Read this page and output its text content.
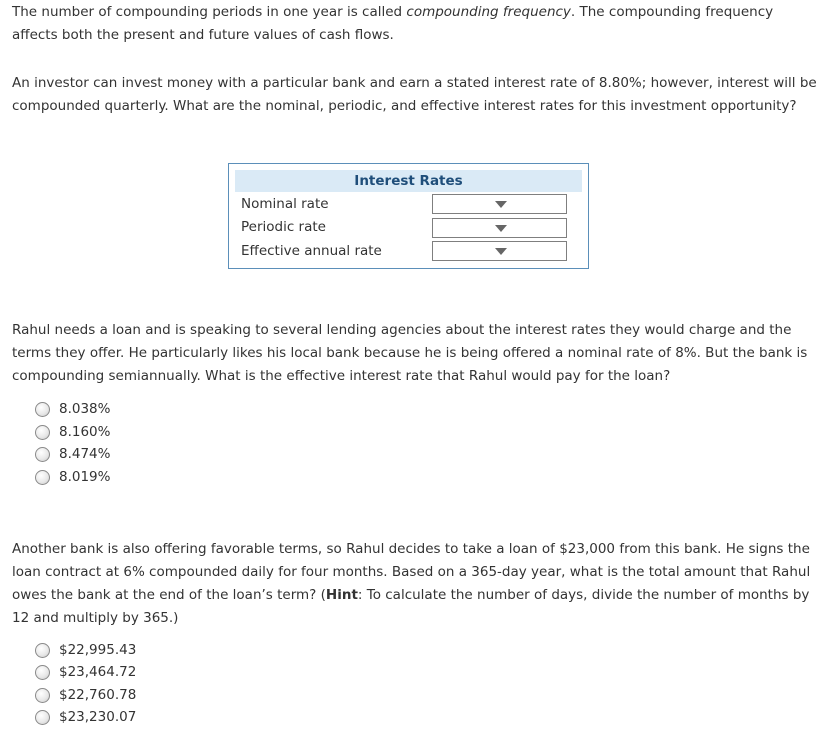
The number of compounding periods in one year is called compounding frequency. The compounding frequency affects both the present and future values of cash flows.

An investor can invest money with a particular bank and earn a stated interest rate of 8.80%; however, interest will be compounded quarterly. What are the nominal, periodic, and effective interest rates for this investment opportunity?

Interest Rates
Nominal rate
Periodic rate
Effective annual rate

Rahul needs a loan and is speaking to several lending agencies about the interest rates they would charge and the terms they offer. He particularly likes his local bank because he is being offered a nominal rate of 8%. But the bank is compounding semiannually. What is the effective interest rate that Rahul would pay for the loan?

8.038%
8.160%
8.474%
8.019%

Another bank is also offering favorable terms, so Rahul decides to take a loan of $23,000 from this bank. He signs the loan contract at 6% compounded daily for four months. Based on a 365-day year, what is the total amount that Rahul owes the bank at the end of the loan’s term? (Hint: To calculate the number of days, divide the number of months by 12 and multiply by 365.)

$22,995.43
$23,464.72
$22,760.78
$23,230.07
